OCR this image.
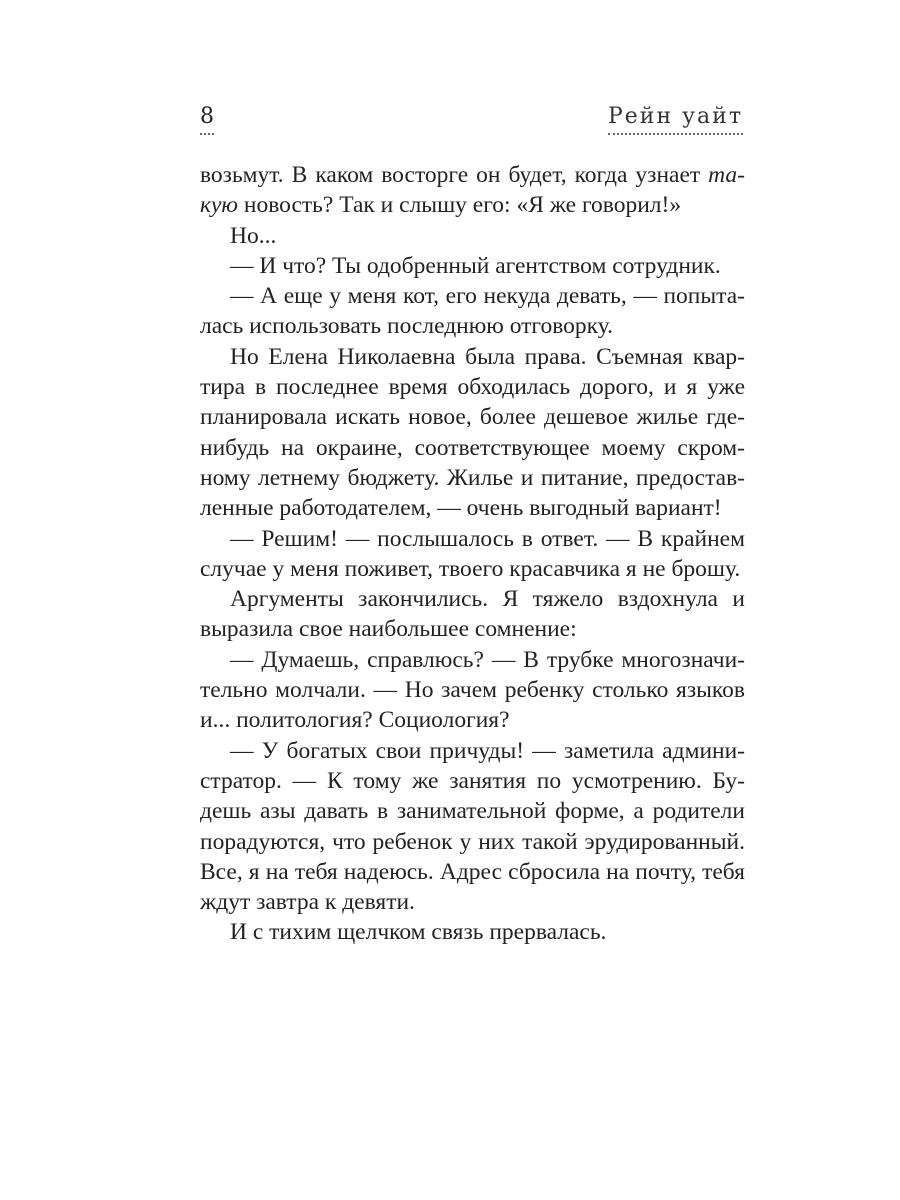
8	Рейн уайт

возьмут. В каком восторге он будет, когда узнает такую новость? Так и слышу его: «Я же говорил!»

Но...

— И что? Ты одобренный агентством сотрудник.

— А еще у меня кот, его некуда девать, — попыталась использовать последнюю отговорку.

Но Елена Николаевна была права. Съемная квартира в последнее время обходилась дорого, и я уже планировала искать новое, более дешевое жилье гденибудь на окраине, соответствующее моему скромному летнему бюджету. Жилье и питание, предоставленные работодателем, — очень выгодный вариант!

— Решим! — послышалось в ответ. — В крайнем случае у меня поживет, твоего красавчика я не брошу.

Аргументы закончились. Я тяжело вздохнула и выразила свое наибольшее сомнение:

— Думаешь, справлюсь? — В трубке многозначительно молчали. — Но зачем ребенку столько языков и... политология? Социология?

— У богатых свои причуды! — заметила администратор. — К тому же занятия по усмотрению. Будешь азы давать в занимательной форме, а родители порадуются, что ребенок у них такой эрудированный. Все, я на тебя надеюсь. Адрес сбросила на почту, тебя ждут завтра к девяти.

И с тихим щелчком связь прервалась.
